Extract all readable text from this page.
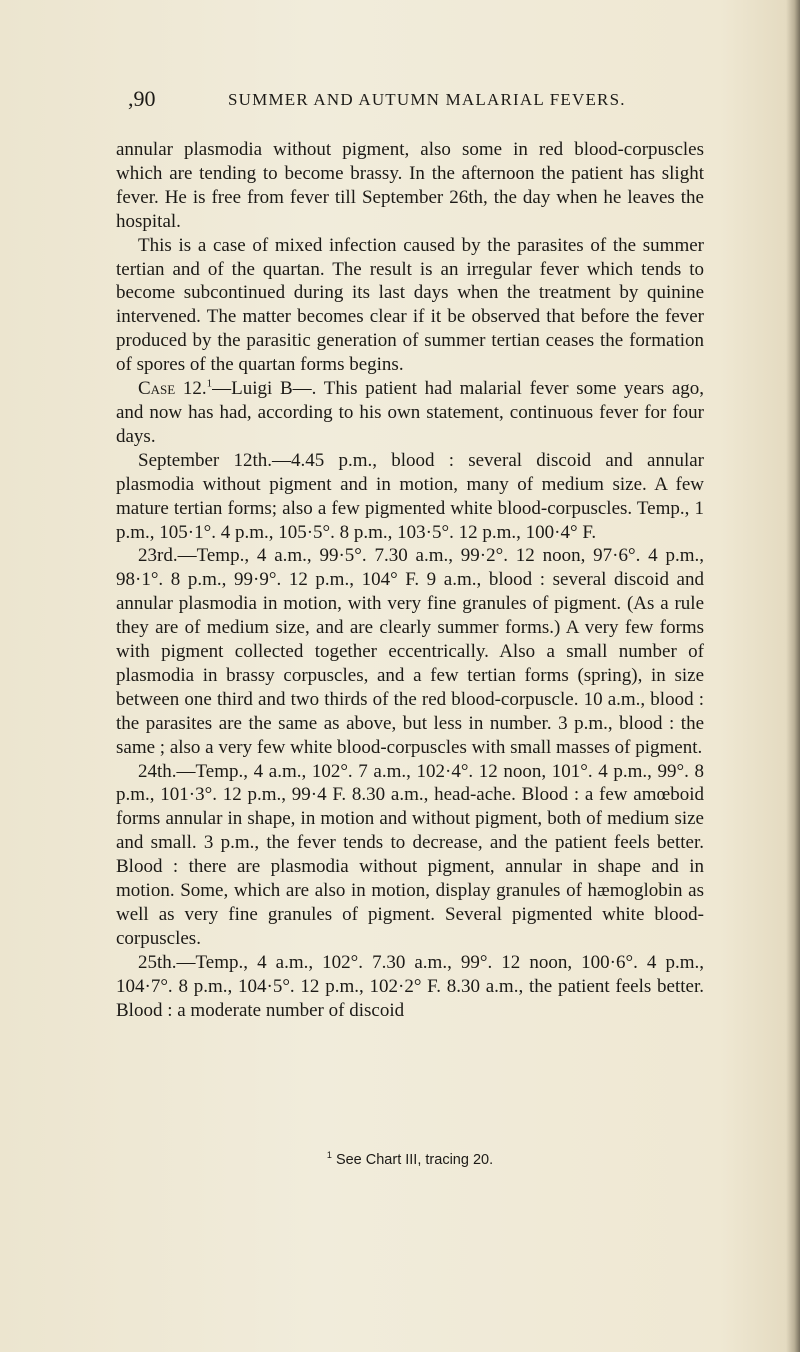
,90	SUMMER AND AUTUMN MALARIAL FEVERS.

annular plasmodia without pigment, also some in red blood-corpuscles which are tending to become brassy. In the afternoon the patient has slight fever. He is free from fever till September 26th, the day when he leaves the hospital.

This is a case of mixed infection caused by the parasites of the summer tertian and of the quartan. The result is an irregular fever which tends to become subcontinued during its last days when the treatment by quinine intervened. The matter becomes clear if it be observed that before the fever produced by the parasitic generation of summer tertian ceases the formation of spores of the quartan forms begins.

Case 12.$^1$—Luigi B—. This patient had malarial fever some years ago, and now has had, according to his own statement, continuous fever for four days.

September 12th.—4.45 p.m., blood : several discoid and annular plasmodia without pigment and in motion, many of medium size. A few mature tertian forms; also a few pigmented white blood-corpuscles. Temp., 1 p.m., 105·1°. 4 p.m., 105·5°. 8 p.m., 103·5°. 12 p.m., 100·4° F.

23rd.—Temp., 4 a.m., 99·5°. 7.30 a.m., 99·2°. 12 noon, 97·6°. 4 p.m., 98·1°. 8 p.m., 99·9°. 12 p.m., 104° F. 9 a.m., blood : several discoid and annular plasmodia in motion, with very fine granules of pigment. (As a rule they are of medium size, and are clearly summer forms.) A very few forms with pigment collected together eccentrically. Also a small number of plasmodia in brassy corpuscles, and a few tertian forms (spring), in size between one third and two thirds of the red blood-corpuscle. 10 a.m., blood : the parasites are the same as above, but less in number. 3 p.m., blood : the same ; also a very few white blood-corpuscles with small masses of pigment.

24th.—Temp., 4 a.m., 102°. 7 a.m., 102·4°. 12 noon, 101°. 4 p.m., 99°. 8 p.m., 101·3°. 12 p.m., 99·4 F. 8.30 a.m., head-ache. Blood : a few amœboid forms annular in shape, in motion and without pigment, both of medium size and small. 3 p.m., the fever tends to decrease, and the patient feels better. Blood : there are plasmodia without pigment, annular in shape and in motion. Some, which are also in motion, display granules of hæmoglobin as well as very fine granules of pigment. Several pigmented white blood-corpuscles.

25th.—Temp., 4 a.m., 102°. 7.30 a.m., 99°. 12 noon, 100·6°. 4 p.m., 104·7°. 8 p.m., 104·5°. 12 p.m., 102·2° F. 8.30 a.m., the patient feels better. Blood : a moderate number of discoid

$^1$ See Chart III, tracing 20.
